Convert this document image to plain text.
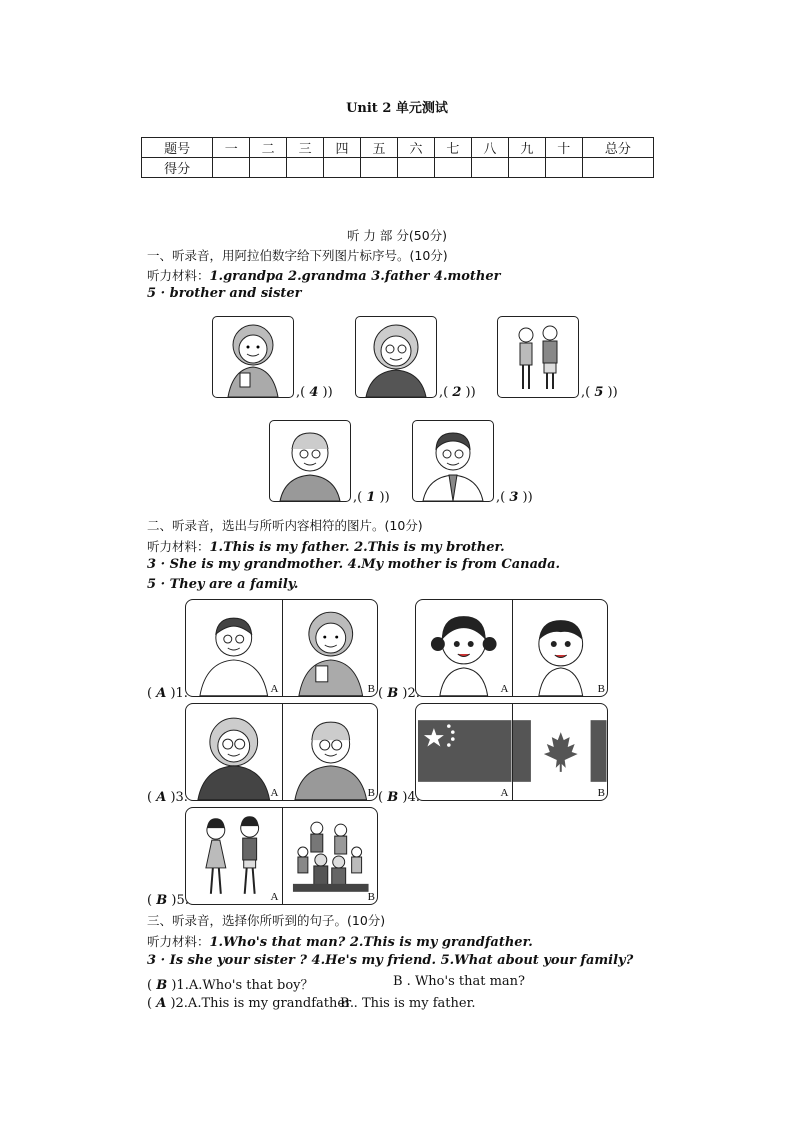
Unit 2 单元测试
题号	一	二	三	四	五	六	七	八	九	十	总分
得分											
听 力 部 分(50分)
一、听录音，用阿拉伯数字给下列图片标序号。(10分)
听力材料：1.grandpa 2.grandma 3.father 4.mother
5 · brother and sister
,( 4 ))	,( 2 ))	,( 5 ))
,( 1 ))	,( 3 ))
二、听录音，选出与所听内容相符的图片。(10分)
听力材料：1.This is my father. 2.This is my brother.
3 · She is my grandmother. 4.My mother is from Canada.
5 · They are a family.
A	B
( A )1.	A	B
( B )2.
A	B
( A )3.	A	B
( B )4.
A	B
( B )5.
三、听录音，选择你所听到的句子。(10分)
听力材料：1.Who's that man? 2.This is my grandfather.
3 · Is she your sister ? 4.He's my friend. 5.What about your family?
( B )1.A.Who's that boy？	B . Who's that man?
( A )2.A.This is my grandfather.
B . This is my father.
